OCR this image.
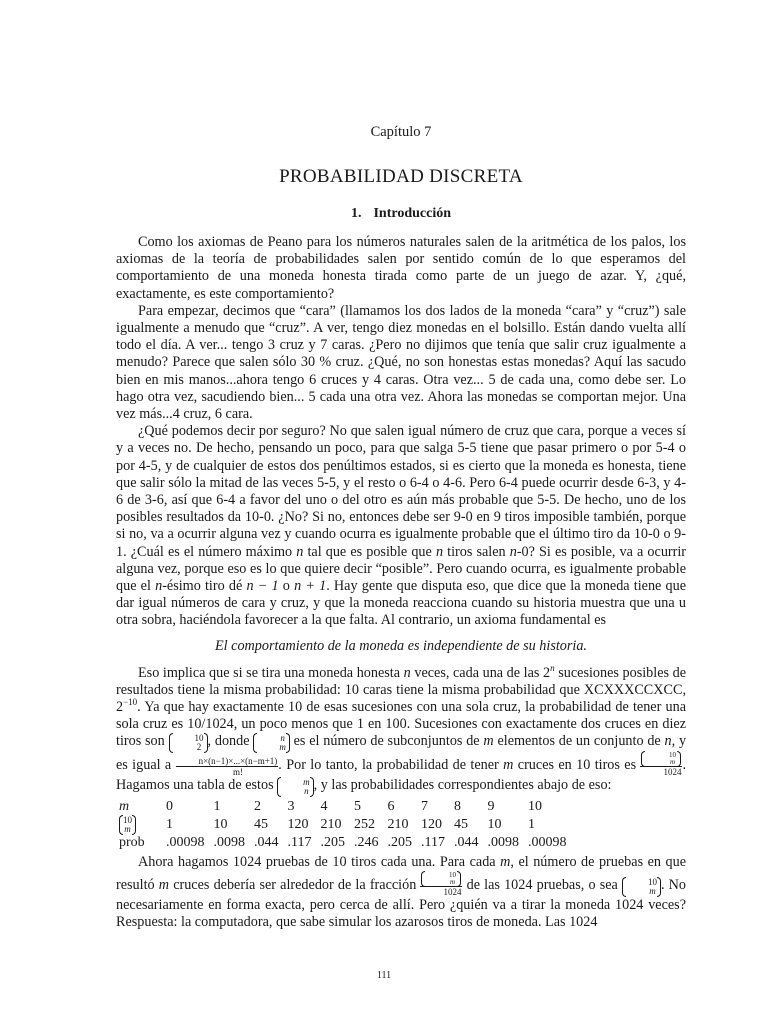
Capítulo 7
PROBABILIDAD DISCRETA
1. Introducción

Como los axiomas de Peano para los números naturales salen de la aritmética de los palos, los axiomas de la teoría de probabilidades salen por sentido común de lo que esperamos del comportamiento de una moneda honesta tirada como parte de un juego de azar. Y, ¿qué, exactamente, es este comportamiento?

Para empezar, decimos que “cara” (llamamos los dos lados de la moneda “cara” y “cruz”) sale igualmente a menudo que “cruz”. A ver, tengo diez monedas en el bolsillo. Están dando vuelta allí todo el día. A ver... tengo 3 cruz y 7 caras. ¿Pero no dijimos que tenía que salir cruz igualmente a menudo? Parece que salen sólo 30 % cruz. ¿Qué, no son honestas estas monedas? Aquí las sacudo bien en mis manos...ahora tengo 6 cruces y 4 caras. Otra vez... 5 de cada una, como debe ser. Lo hago otra vez, sacudiendo bien... 5 cada una otra vez. Ahora las monedas se comportan mejor. Una vez más...4 cruz, 6 cara.

¿Qué podemos decir por seguro? No que salen igual número de cruz que cara, porque a veces sí y a veces no. De hecho, pensando un poco, para que salga 5-5 tiene que pasar primero o por 5-4 o por 4-5, y de cualquier de estos dos penúltimos estados, si es cierto que la moneda es honesta, tiene que salir sólo la mitad de las veces 5-5, y el resto o 6-4 o 4-6. Pero 6-4 puede ocurrir desde 6-3, y 4-6 de 3-6, así que 6-4 a favor del uno o del otro es aún más probable que 5-5. De hecho, uno de los posibles resultados da 10-0. ¿No? Si no, entonces debe ser 9-0 en 9 tiros imposible también, porque si no, va a ocurrir alguna vez y cuando ocurra es igualmente probable que el último tiro da 10-0 o 9-1. ¿Cuál es el número máximo n tal que es posible que n tiros salen n-0? Si es posible, va a ocurrir alguna vez, porque eso es lo que quiere decir “posible”. Pero cuando ocurra, es igualmente probable que el n-ésimo tiro dé n − 1 o n + 1. Hay gente que disputa eso, que dice que la moneda tiene que dar igual números de cara y cruz, y que la moneda reacciona cuando su historia muestra que una u otra sobra, haciéndola favorecer a la que falta. Al contrario, un axioma fundamental es

El comportamiento de la moneda es independiente de su historia.

Eso implica que si se tira una moneda honesta n veces, cada una de las 2$^n$ sucesiones posibles de resultados tiene la misma probabilidad: 10 caras tiene la misma probabilidad que XCXXXCCXCC, $2^{-10}$. Ya que hay exactamente 10 de esas sucesiones con una sola cruz, la probabilidad de tener una sola cruz es 10/1024, un poco menos que 1 en 100. Sucesiones con exactamente dos cruces en diez tiros son	10
2 , donde	n
m es el número de subconjuntos de m elementos de un conjunto de n, y es igual a $\frac{n\times(n-1)\times...\times(n-m+1)}{m!}$ . Por lo tanto, la probabilidad de tener m cruces en 10 tiros es 10
m
1024 . Hagamos una tabla de estos	m
n , y las probabilidades correspondientes abajo de eso:

m	0	1	2	3	4	5	6	7	8	9	10

10
m	1	10	45	120	210	252	210	120	45	10	1
prob	.00098	.0098	.044	.117	.205	.246	.205	.117	.044	.0098	.00098

Ahora hagamos 1024 pruebas de 10 tiros cada una. Para cada m, el número de pruebas en que resultó m cruces debería ser alrededor de la fracción 10
m
1024 de las 1024 pruebas, o sea	10
m . No necesariamente en forma exacta, pero cerca de allí. Pero ¿quién va a tirar la moneda 1024 veces? Respuesta: la computadora, que sabe simular los azarosos tiros de moneda. Las 1024

111
